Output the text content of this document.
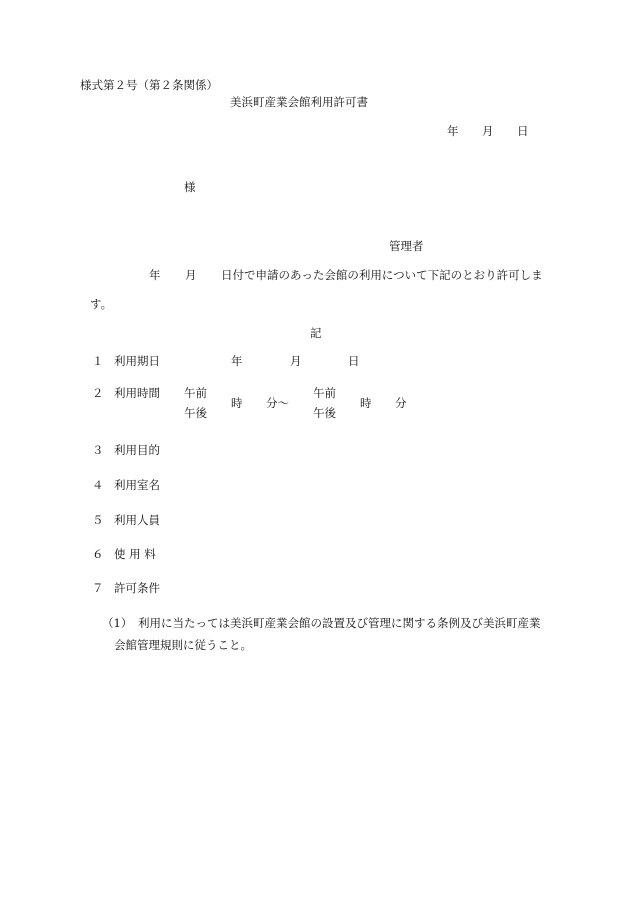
様式第２号（第２条関係）
美浜町産業会館利用許可書
年 月 日
様
管理者
年 月 日付で申請のあった会館の利用について下記のとおり許可しま
す。
記
１ 利用期日	年	月	日
２ 利用時間 午前
午後
時 分～
午前
午後
時 分
３ 利用目的
４ 利用室名
５ 利用人員
６ 使 用 料
７ 許可条件
（1） 利用に当たっては美浜町産業会館の設置及び管理に関する条例及び美浜町産業
会館管理規則に従うこと。
